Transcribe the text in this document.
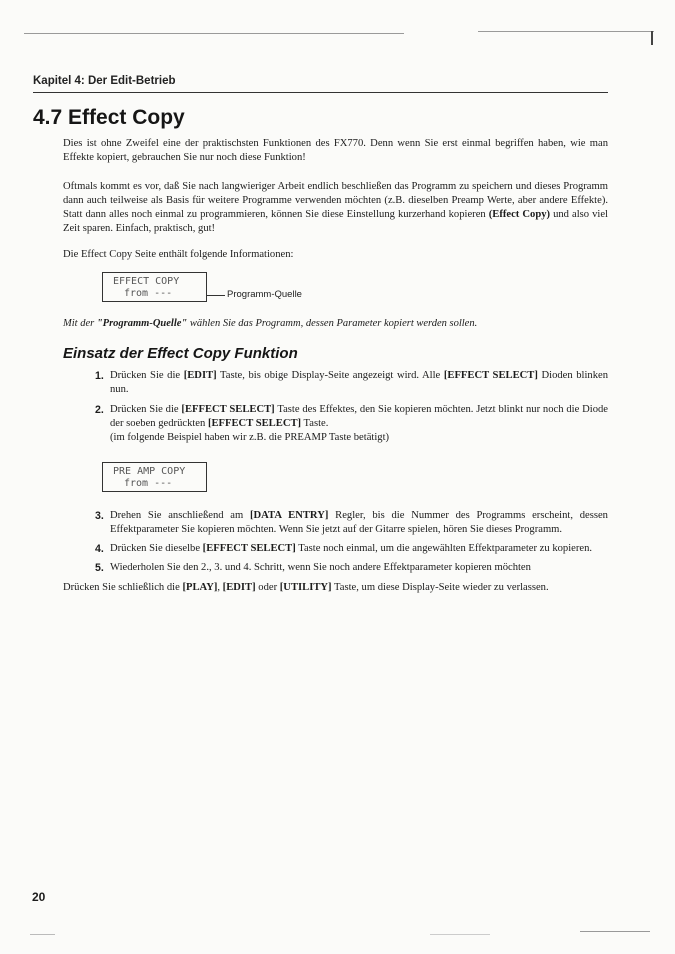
Kapitel 4: Der Edit-Betrieb
4.7 Effect Copy
Dies ist ohne Zweifel eine der praktischsten Funktionen des FX770. Denn wenn Sie erst einmal begriffen haben, wie man Effekte kopiert, gebrauchen Sie nur noch diese Funktion!
Oftmals kommt es vor, daß Sie nach langwieriger Arbeit endlich beschließen das Programm zu speichern und dieses Programm dann auch teilweise als Basis für weitere Programme verwenden möchten (z.B. dieselben Preamp Werte, aber andere Effekte). Statt dann alles noch einmal zu programmieren, können Sie diese Einstellung kurzerhand kopieren (Effect Copy) und also viel Zeit sparen. Einfach, praktisch, gut!
Die Effect Copy Seite enthält folgende Informationen:
EFFECT COPY
from ---	Programm-Quelle
Mit der "Programm-Quelle" wählen Sie das Programm, dessen Parameter kopiert werden sollen.
Einsatz der Effect Copy Funktion
1. Drücken Sie die [EDIT] Taste, bis obige Display-Seite angezeigt wird. Alle [EFFECT SELECT] Dioden blinken nun.
2. Drücken Sie die [EFFECT SELECT] Taste des Effektes, den Sie kopieren möchten. Jetzt blinkt nur noch die Diode der soeben gedrückten [EFFECT SELECT] Taste.
(im folgende Beispiel haben wir z.B. die PREAMP Taste betätigt)
PRE AMP COPY
from ---
3. Drehen Sie anschließend am [DATA ENTRY] Regler, bis die Nummer des Programms erscheint, dessen Effektparameter Sie kopieren möchten. Wenn Sie jetzt auf der Gitarre spielen, hören Sie dieses Programm.
4. Drücken Sie dieselbe [EFFECT SELECT] Taste noch einmal, um die angewählten Effektparameter zu kopieren.
5. Wiederholen Sie den 2., 3. und 4. Schritt, wenn Sie noch andere Effektparameter kopieren möchten
Drücken Sie schließlich die [PLAY], [EDIT] oder [UTILITY] Taste, um diese Display-Seite wieder zu verlassen.
20
